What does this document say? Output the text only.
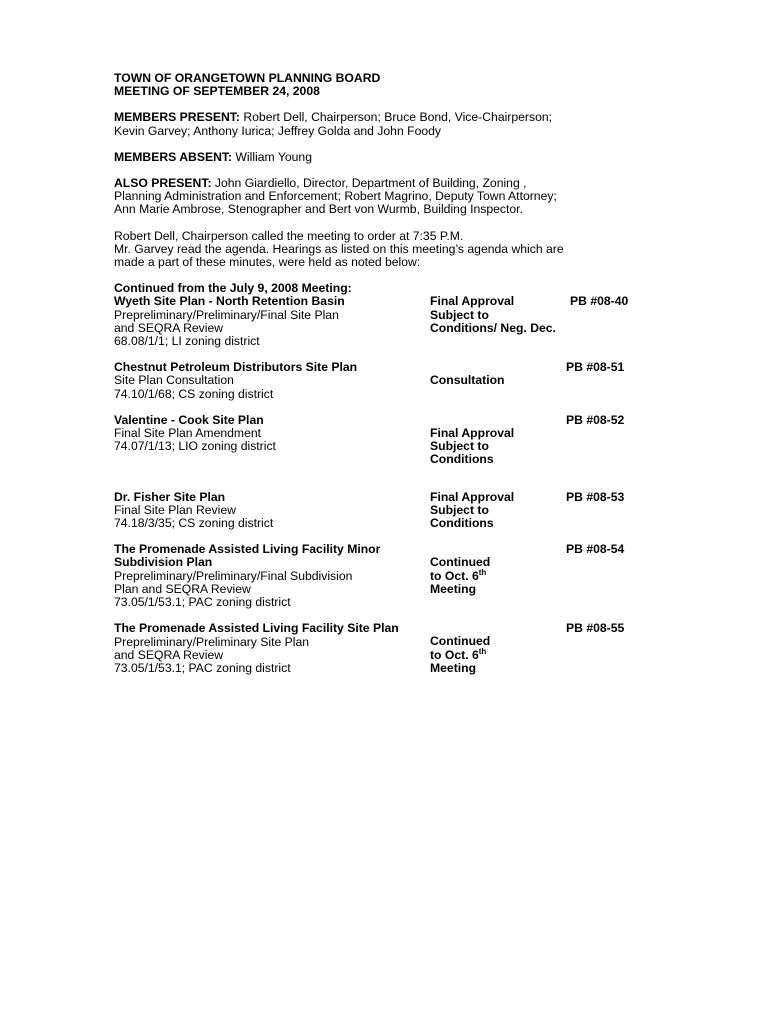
TOWN OF ORANGETOWN PLANNING BOARD
MEETING OF SEPTEMBER 24, 2008
MEMBERS PRESENT: Robert Dell, Chairperson; Bruce Bond, Vice-Chairperson;
Kevin Garvey; Anthony Iurica; Jeffrey Golda and John Foody
MEMBERS ABSENT: William Young
ALSO PRESENT: John Giardiello, Director, Department of Building, Zoning ,
Planning Administration and Enforcement; Robert Magrino, Deputy Town Attorney;
Ann Marie Ambrose, Stenographer and Bert von Wurmb, Building Inspector.
Robert Dell, Chairperson called the meeting to order at 7:35 P.M.
Mr. Garvey read the agenda. Hearings as listed on this meeting’s agenda which are
made a part of these minutes, were held as noted below:
Continued from the July 9, 2008 Meeting:
Wyeth Site Plan - North Retention Basin
Prepreliminary/Preliminary/Final Site Plan
and SEQRA Review
68.08/1/1; LI zoning district
Final Approval
Subject to
Conditions/ Neg. Dec.
PB #08-40
Chestnut Petroleum Distributors Site Plan
Site Plan Consultation
74.10/1/68; CS zoning district
Consultation
PB #08-51
Valentine - Cook Site Plan
Final Site Plan Amendment
74.07/1/13; LIO zoning district

Final Approval
Subject to
Conditions
PB #08-52
Dr. Fisher Site Plan
Final Site Plan Review
74.18/3/35; CS zoning district
Final Approval
Subject to
Conditions
PB #08-53
The Promenade Assisted Living Facility Minor
Subdivision Plan
Prepreliminary/Preliminary/Final Subdivision
Plan and SEQRA Review
73.05/1/53.1; PAC zoning district
Continued
to Oct. 6th
Meeting
PB #08-54
The Promenade Assisted Living Facility Site Plan
Prepreliminary/Preliminary Site Plan
and SEQRA Review
73.05/1/53.1; PAC zoning district
Continued
to Oct. 6th
Meeting
PB #08-55
